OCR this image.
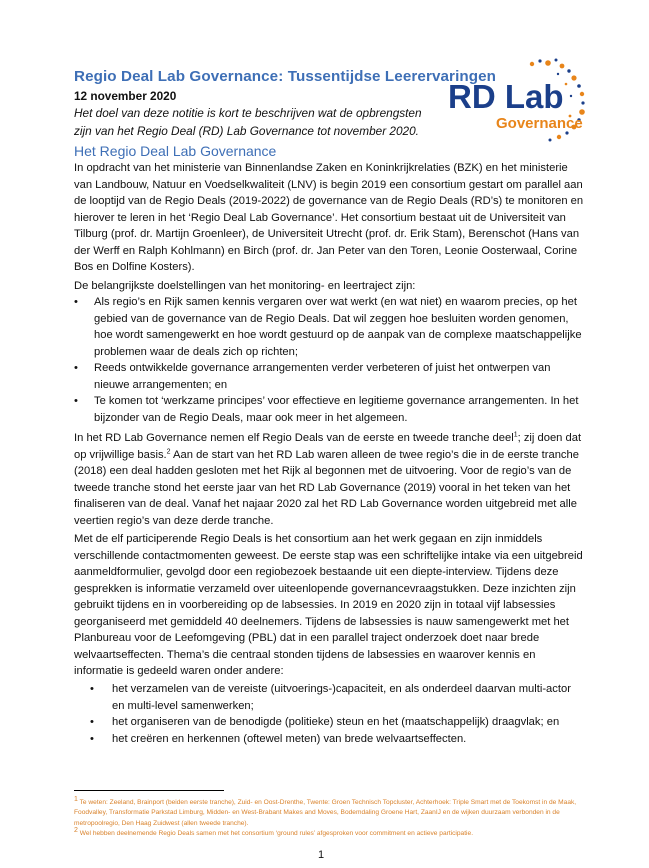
Regio Deal Lab Governance: Tussentijdse Leerervaringen
12 november 2020
Het doel van deze notitie is kort te beschrijven wat de opbrengsten zijn van het Regio Deal (RD) Lab Governance tot november 2020.
RD Lab
Governance
Het Regio Deal Lab Governance

In opdracht van het ministerie van Binnenlandse Zaken en Koninkrijkrelaties (BZK) en het ministerie van Landbouw, Natuur en Voedselkwaliteit (LNV) is begin 2019 een consortium gestart om parallel aan de looptijd van de Regio Deals (2019-2022) de governance van de Regio Deals (RD’s) te monitoren en hierover te leren in het ‘Regio Deal Lab Governance’. Het consortium bestaat uit de Universiteit van Tilburg (prof. dr. Martijn Groenleer), de Universiteit Utrecht (prof. dr. Erik Stam), Berenschot (Hans van der Werff en Ralph Kohlmann) en Birch (prof. dr. Jan Peter van den Toren, Leonie Oosterwaal, Corine Bos en Dolfine Kosters).

De belangrijkste doelstellingen van het monitoring- en leertraject zijn:

• Als regio’s en Rijk samen kennis vergaren over wat werkt (en wat niet) en waarom precies, op het gebied van de governance van de Regio Deals. Dat wil zeggen hoe besluiten worden genomen, hoe wordt samengewerkt en hoe wordt gestuurd op de aanpak van de complexe maatschappelijke problemen waar de deals zich op richten;
• Reeds ontwikkelde governance arrangementen verder verbeteren of juist het ontwerpen van nieuwe arrangementen; en
• Te komen tot ‘werkzame principes’ voor effectieve en legitieme governance arrangementen. In het bijzonder van de Regio Deals, maar ook meer in het algemeen.

In het RD Lab Governance nemen elf Regio Deals van de eerste en tweede tranche deel$^1$; zij doen dat op vrijwillige basis.$^2$ Aan de start van het RD Lab waren alleen de twee regio’s die in de eerste tranche (2018) een deal hadden gesloten met het Rijk al begonnen met de uitvoering. Voor de regio’s van de tweede tranche stond het eerste jaar van het RD Lab Governance (2019) vooral in het teken van het finaliseren van de deal. Vanaf het najaar 2020 zal het RD Lab Governance worden uitgebreid met alle veertien regio’s van deze derde tranche.

Met de elf participerende Regio Deals is het consortium aan het werk gegaan en zijn inmiddels verschillende contactmomenten geweest. De eerste stap was een schriftelijke intake via een uitgebreid aanmeldformulier, gevolgd door een regiobezoek bestaande uit een diepte-interview. Tijdens deze gesprekken is informatie verzameld over uiteenlopende governancevraagstukken. Deze inzichten zijn gebruikt tijdens en in voorbereiding op de labsessies. In 2019 en 2020 zijn in totaal vijf labsessies georganiseerd met gemiddeld 40 deelnemers. Tijdens de labsessies is nauw samengewerkt met het Planbureau voor de Leefomgeving (PBL) dat in een parallel traject onderzoek doet naar brede welvaartseffecten. Thema’s die centraal stonden tijdens de labsessies en waarover kennis en informatie is gedeeld waren onder andere:

• het verzamelen van de vereiste (uitvoerings-)capaciteit, en als onderdeel daarvan multi-actor en multi-level samenwerken;
• het organiseren van de benodigde (politieke) steun en het (maatschappelijk) draagvlak; en
• het creëren en herkennen (oftewel meten) van brede welvaartseffecten.

$^1$ Te weten: Zeeland, Brainport (beiden eerste tranche), Zuid- en Oost-Drenthe, Twente: Groen Technisch Topcluster, Achterhoek: Triple Smart met de Toekomst in de Maak, Foodvalley, Transformatie Parkstad Limburg, Midden- en West-Brabant Makes and Moves, Bodemdaling Groene Hart, ZaanIJ en de wijken duurzaam verbonden in de metropoolregio, Den Haag Zuidwest (allen tweede tranche).

$^2$ Wel hebben deelnemende Regio Deals samen met het consortium ‘ground rules’ afgesproken voor commitment en actieve participatie.

1
